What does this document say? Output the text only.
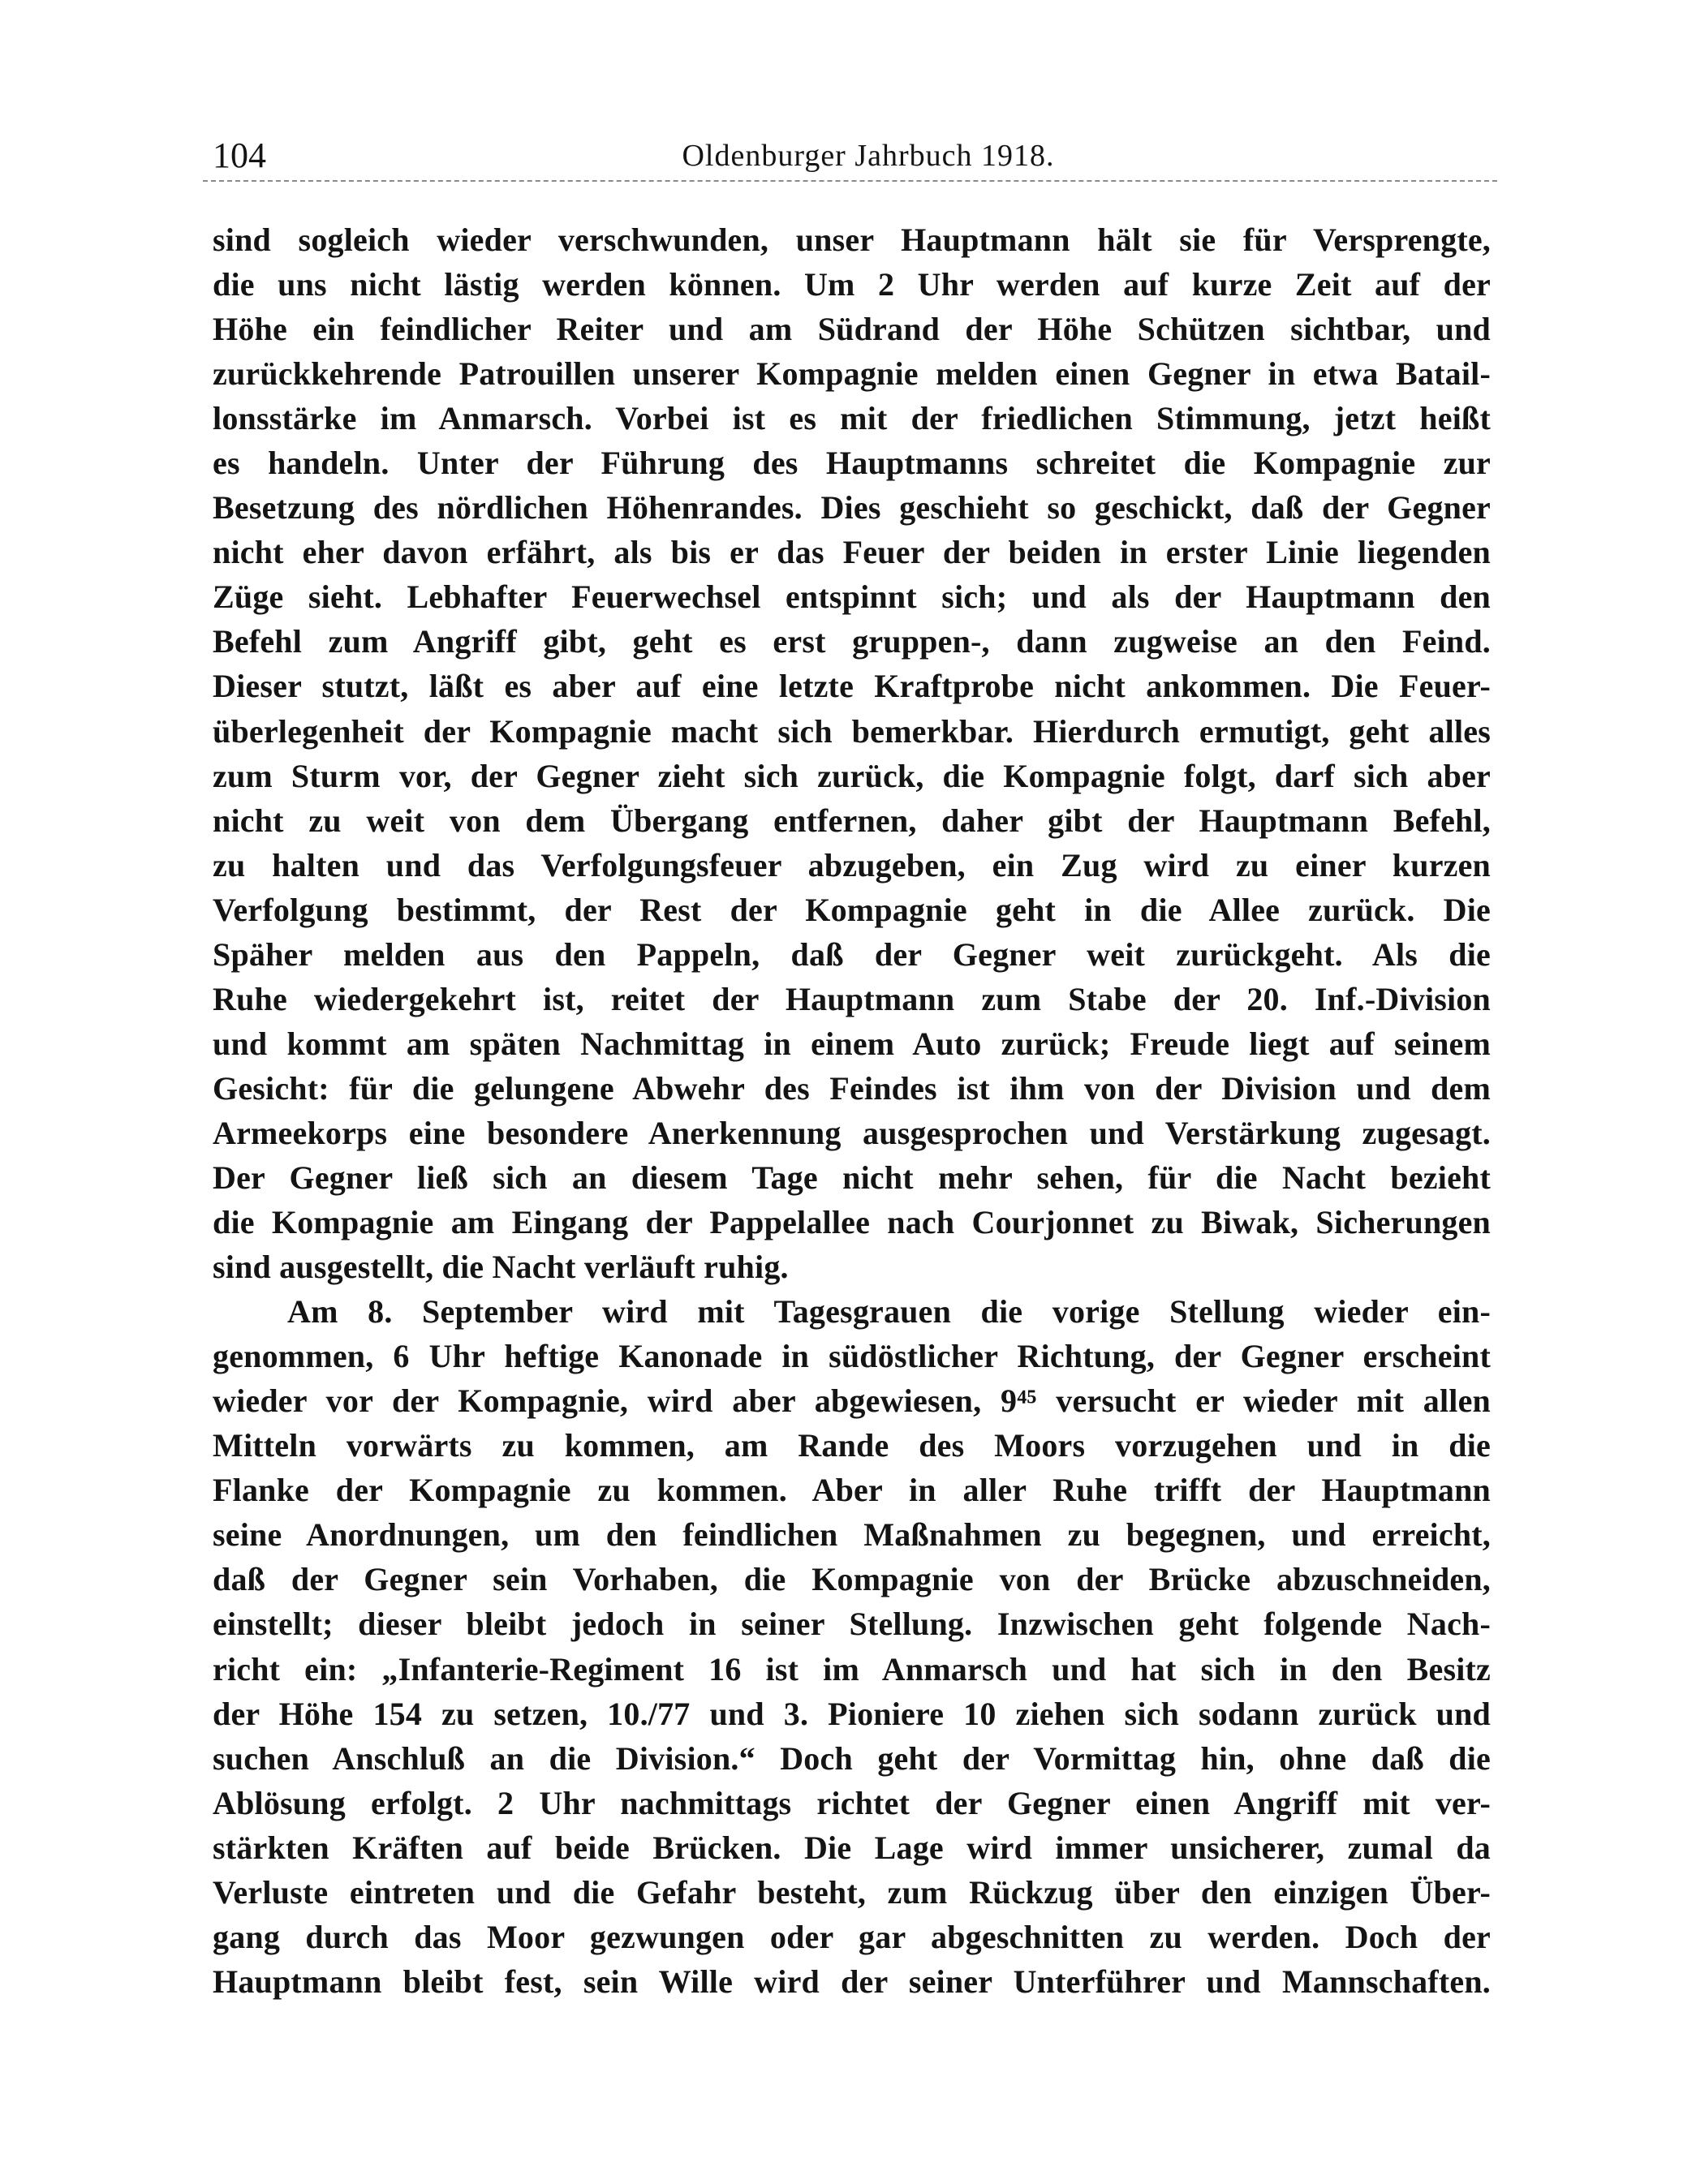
104	Oldenburger Jahrbuch 1918.
sind sogleich wieder verschwunden, unser Hauptmann hält sie für Versprengte,
die uns nicht lästig werden können. Um 2 Uhr werden auf kurze Zeit auf der
Höhe ein feindlicher Reiter und am Südrand der Höhe Schützen sichtbar, und
zurückkehrende Patrouillen unserer Kompagnie melden einen Gegner in etwa Batail-
lonsstärke im Anmarsch. Vorbei ist es mit der friedlichen Stimmung, jetzt heißt
es handeln. Unter der Führung des Hauptmanns schreitet die Kompagnie zur
Besetzung des nördlichen Höhenrandes. Dies geschieht so geschickt, daß der Gegner
nicht eher davon erfährt, als bis er das Feuer der beiden in erster Linie liegenden
Züge sieht. Lebhafter Feuerwechsel entspinnt sich; und als der Hauptmann den
Befehl zum Angriff gibt, geht es erst gruppen-, dann zugweise an den Feind.
Dieser stutzt, läßt es aber auf eine letzte Kraftprobe nicht ankommen. Die Feuer-
überlegenheit der Kompagnie macht sich bemerkbar. Hierdurch ermutigt, geht alles
zum Sturm vor, der Gegner zieht sich zurück, die Kompagnie folgt, darf sich aber
nicht zu weit von dem Übergang entfernen, daher gibt der Hauptmann Befehl,
zu halten und das Verfolgungsfeuer abzugeben, ein Zug wird zu einer kurzen
Verfolgung bestimmt, der Rest der Kompagnie geht in die Allee zurück. Die
Späher melden aus den Pappeln, daß der Gegner weit zurückgeht. Als die
Ruhe wiedergekehrt ist, reitet der Hauptmann zum Stabe der 20. Inf.-Division
und kommt am späten Nachmittag in einem Auto zurück; Freude liegt auf seinem
Gesicht: für die gelungene Abwehr des Feindes ist ihm von der Division und dem
Armeekorps eine besondere Anerkennung ausgesprochen und Verstärkung zugesagt.
Der Gegner ließ sich an diesem Tage nicht mehr sehen, für die Nacht bezieht
die Kompagnie am Eingang der Pappelallee nach Courjonnet zu Biwak, Sicherungen
sind ausgestellt, die Nacht verläuft ruhig.
Am 8. September wird mit Tagesgrauen die vorige Stellung wieder ein-
genommen, 6 Uhr heftige Kanonade in südöstlicher Richtung, der Gegner erscheint
wieder vor der Kompagnie, wird aber abgewiesen, 9⁴⁵ versucht er wieder mit allen
Mitteln vorwärts zu kommen, am Rande des Moors vorzugehen und in die
Flanke der Kompagnie zu kommen. Aber in aller Ruhe trifft der Hauptmann
seine Anordnungen, um den feindlichen Maßnahmen zu begegnen, und erreicht,
daß der Gegner sein Vorhaben, die Kompagnie von der Brücke abzuschneiden,
einstellt; dieser bleibt jedoch in seiner Stellung. Inzwischen geht folgende Nach-
richt ein: „Infanterie-Regiment 16 ist im Anmarsch und hat sich in den Besitz
der Höhe 154 zu setzen, 10./77 und 3. Pioniere 10 ziehen sich sodann zurück und
suchen Anschluß an die Division.“ Doch geht der Vormittag hin, ohne daß die
Ablösung erfolgt. 2 Uhr nachmittags richtet der Gegner einen Angriff mit ver-
stärkten Kräften auf beide Brücken. Die Lage wird immer unsicherer, zumal da
Verluste eintreten und die Gefahr besteht, zum Rückzug über den einzigen Über-
gang durch das Moor gezwungen oder gar abgeschnitten zu werden. Doch der
Hauptmann bleibt fest, sein Wille wird der seiner Unterführer und Mannschaften.
